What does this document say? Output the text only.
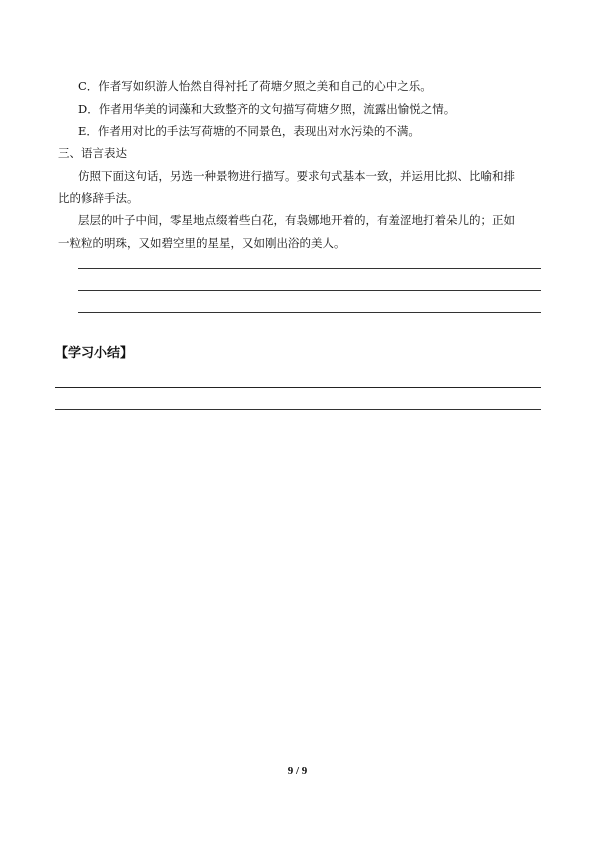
C．作者写如织游人怡然自得衬托了荷塘夕照之美和自己的心中之乐。
D．作者用华美的词藻和大致整齐的文句描写荷塘夕照，流露出愉悦之情。
E．作者用对比的手法写荷塘的不同景色，表现出对水污染的不满。
三、语言表达
仿照下面这句话，另选一种景物进行描写。要求句式基本一致，并运用比拟、比喻和排
比的修辞手法。
层层的叶子中间，零星地点缀着些白花，有袅娜地开着的，有羞涩地打着朵儿的；正如
一粒粒的明珠，又如碧空里的星星，又如刚出浴的美人。
【学习小结】
9 / 9
